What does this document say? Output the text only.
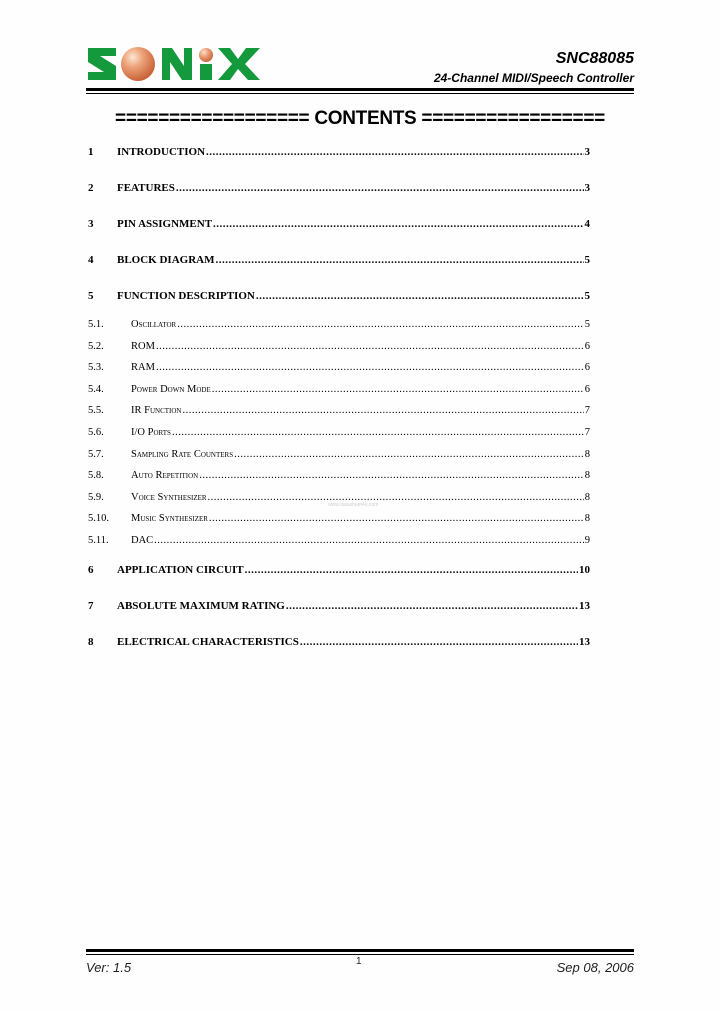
SNC88085
24-Channel MIDI/Speech Controller
================== CONTENTS =================
1	INTRODUCTION .....	3
2	FEATURES .....	3
3	PIN ASSIGNMENT .....	4
4	BLOCK DIAGRAM .....	5
5	FUNCTION DESCRIPTION .....	5
5.1.	Oscillator .....	5
5.2.	ROM .....	6
5.3.	RAM .....	6
5.4.	Power Down Mode .....	6
5.5.	IR Function .....	7
5.6.	I/O Ports .....	7
5.7.	Sampling Rate Counters .....	8
5.8.	Auto Repetition .....	8
5.9.	Voice Synthesizer .....	8
5.10.	Music Synthesizer .....	8
5.11.	DAC .....	9
6	APPLICATION CIRCUIT .....	10
7	ABSOLUTE MAXIMUM RATING .....	13
8	ELECTRICAL CHARACTERISTICS .....	13
www.datasheet4u.com
Ver: 1.5	1	Sep 08, 2006
